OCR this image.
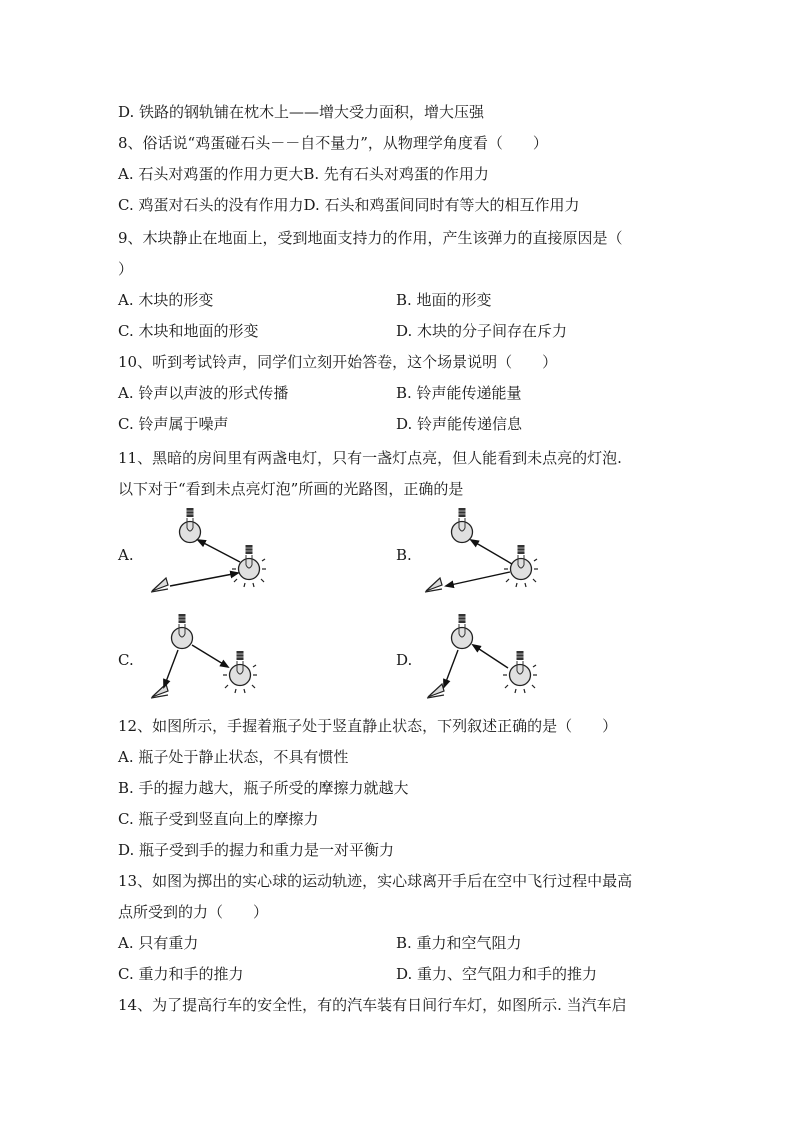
D. 铁路的钢轨铺在枕木上——增大受力面积，增大压强
8、俗话说“鸡蛋碰石头－－自不量力”，从物理学角度看（　　）
A. 石头对鸡蛋的作用力更大B. 先有石头对鸡蛋的作用力
C. 鸡蛋对石头的没有作用力D. 石头和鸡蛋间同时有等大的相互作用力
9、木块静止在地面上，受到地面支持力的作用，产生该弹力的直接原因是（
）
A. 木块的形变	B. 地面的形变
C. 木块和地面的形变	D. 木块的分子间存在斥力
10、听到考试铃声，同学们立刻开始答卷，这个场景说明（　　）
A. 铃声以声波的形式传播	B. 铃声能传递能量
C. 铃声属于噪声	D. 铃声能传递信息
11、黑暗的房间里有两盏电灯，只有一盏灯点亮，但人能看到未点亮的灯泡.
以下对于“看到未点亮灯泡”所画的光路图，正确的是
A.	B.
C.	D.
12、如图所示，手握着瓶子处于竖直静止状态，下列叙述正确的是（　　）
A. 瓶子处于静止状态，不具有惯性
B. 手的握力越大，瓶子所受的摩擦力就越大
C. 瓶子受到竖直向上的摩擦力
D. 瓶子受到手的握力和重力是一对平衡力
13、如图为掷出的实心球的运动轨迹，实心球离开手后在空中飞行过程中最高
点所受到的力（　　）
A. 只有重力	B. 重力和空气阻力
C. 重力和手的推力	D. 重力、空气阻力和手的推力
14、为了提高行车的安全性，有的汽车装有日间行车灯，如图所示. 当汽车启
